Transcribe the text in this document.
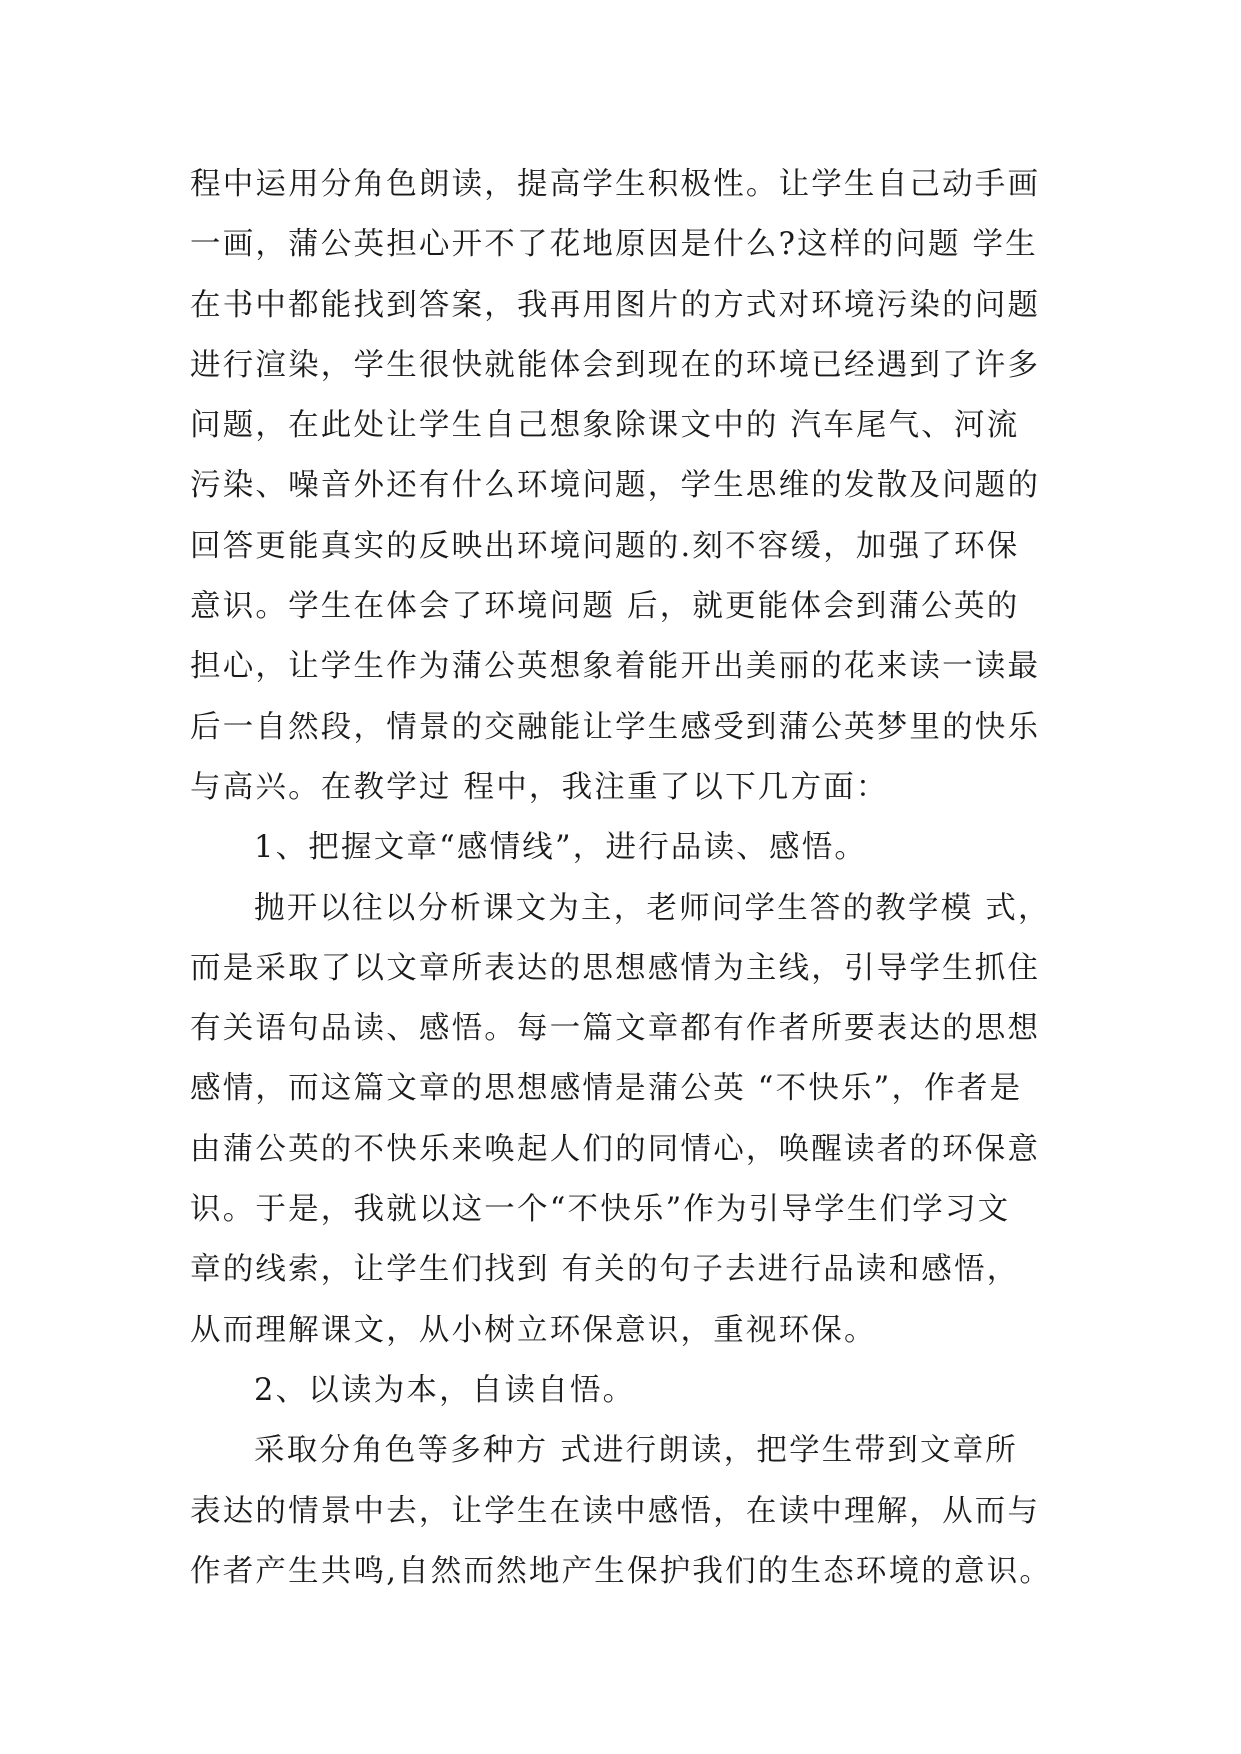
程中运用分角色朗读，提高学生积极性。让学生自己动手画
一画，蒲公英担心开不了花地原因是什么?这样的问题 学生
在书中都能找到答案，我再用图片的方式对环境污染的问题
进行渲染，学生很快就能体会到现在的环境已经遇到了许多
问题，在此处让学生自己想象除课文中的 汽车尾气、河流
污染、噪音外还有什么环境问题，学生思维的发散及问题的
回答更能真实的反映出环境问题的.刻不容缓，加强了环保
意识。学生在体会了环境问题 后，就更能体会到蒲公英的
担心，让学生作为蒲公英想象着能开出美丽的花来读一读最
后一自然段，情景的交融能让学生感受到蒲公英梦里的快乐
与高兴。在教学过 程中，我注重了以下几方面：
1、把握文章“感情线”，进行品读、感悟。
抛开以往以分析课文为主，老师问学生答的教学模 式，
而是采取了以文章所表达的思想感情为主线，引导学生抓住
有关语句品读、感悟。每一篇文章都有作者所要表达的思想
感情，而这篇文章的思想感情是蒲公英 “不快乐”，作者是
由蒲公英的不快乐来唤起人们的同情心，唤醒读者的环保意
识。于是，我就以这一个“不快乐”作为引导学生们学习文
章的线索，让学生们找到 有关的句子去进行品读和感悟，
从而理解课文，从小树立环保意识，重视环保。
2、以读为本，自读自悟。
采取分角色等多种方 式进行朗读，把学生带到文章所
表达的情景中去，让学生在读中感悟，在读中理解，从而与
作者产生共鸣,自然而然地产生保护我们的生态环境的意识。
